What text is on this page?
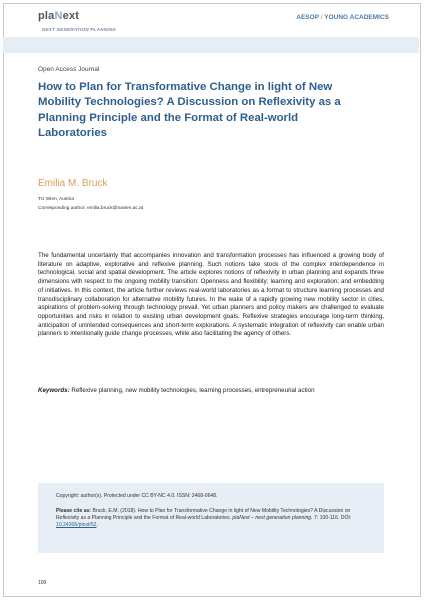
plaNext
NEXT GENERATION PLANNING
AESOP / YOUNG ACADEMICS
Open Access Journal
How to Plan for Transformative Change in light of New Mobility Technologies? A Discussion on Reflexivity as a Planning Principle and the Format of Real-world Laboratories
Emilia M. Bruck
TU Wien, Austria
Corresponding author: emilia.bruck@tuwien.ac.at

The fundamental uncertainty that accompanies innovation and transformation processes has influenced a growing body of literature on adaptive, explorative and reflexive planning. Such notions take stock of the complex interdependence in technological, social and spatial development. The article explores notions of reflexivity in urban planning and expands three dimensions with respect to the ongoing mobility transition: Openness and flexibility; learning and exploration; and embedding of initiatives. In this context, the article further reviews real-world laboratories as a format to structure learning processes and transdisciplinary collaboration for alternative mobility futures. In the wake of a rapidly growing new mobility sector in cities, aspirations of problem-solving through technology prevail. Yet urban planners and policy makers are challenged to evaluate opportunities and risks in relation to existing urban development goals. Reflexive strategies encourage long-term thinking, anticipation of unintended consequences and short-term explorations. A systematic integration of reflexivity can enable urban planners to intentionally guide change processes, while also facilitating the agency of others.

Keywords: Reflexive planning, new mobility technologies, learning processes, entrepreneurial action

Copyright: author(s). Protected under CC BY-NC 4.0. ISSN: 2468-0648.

Please cite as: Bruck, E.M. (2018). How to Plan for Transformative Change in light of New Mobility Technologies? A Discussion on Reflexivity as a Planning Principle and the Format of Real-world Laboratories. plaNext – next generation planning. 7: 100-116. DOI: 10.24306/plnxt/52.

100
